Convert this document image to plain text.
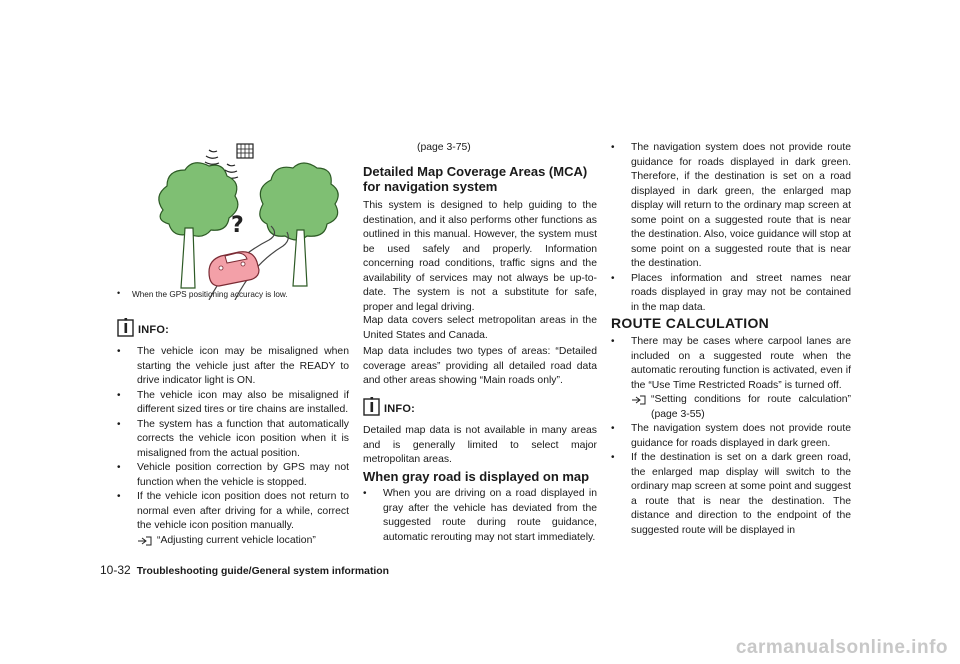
?
•	When the GPS positioning accuracy is low.
INFO:
• The vehicle icon may be misaligned when starting the vehicle just after the READY to drive indicator light is ON.
• The vehicle icon may also be misaligned if different sized tires or tire chains are installed.
• The system has a function that automatically corrects the vehicle icon position when it is misaligned from the actual position.
• Vehicle position correction by GPS may not function when the vehicle is stopped.
• If the vehicle icon position does not return to normal even after driving for a while, correct the vehicle icon position manually.
“Adjusting current vehicle location”
(page 3-75)
Detailed Map Coverage Areas (MCA) for navigation system

This system is designed to help guiding to the destination, and it also performs other functions as outlined in this manual. However, the system must be used safely and properly. Information concerning road conditions, traffic signs and the availability of services may not always be up-to-date. The system is not a substitute for safe, proper and legal driving.

Map data covers select metropolitan areas in the United States and Canada.

Map data includes two types of areas: “Detailed coverage areas” providing all detailed road data and other areas showing “Main roads only”.

INFO:

Detailed map data is not available in many areas and is generally limited to select major metropolitan areas.

When gray road is displayed on map
• When you are driving on a road displayed in gray after the vehicle has deviated from the suggested route during route guidance, automatic rerouting may not start immediately.
• The navigation system does not provide route guidance for roads displayed in dark green. Therefore, if the destination is set on a road displayed in dark green, the enlarged map display will return to the ordinary map screen at some point on a suggested route that is near the destination. Also, voice guidance will stop at some point on a suggested route that is near the destination.
• Places information and street names near roads displayed in gray may not be contained in the map data.
ROUTE CALCULATION
• There may be cases where carpool lanes are included on a suggested route when the automatic rerouting function is activated, even if the “Use Time Restricted Roads” is turned off.
“Setting conditions for route calculation” (page 3-55)
• The navigation system does not provide route guidance for roads displayed in dark green.
• If the destination is set on a dark green road, the enlarged map display will switch to the ordinary map screen at some point and suggest a route that is near the destination. The distance and direction to the endpoint of the suggested route will be displayed in
10-32 Troubleshooting guide/General system information
carmanualsonline.info
